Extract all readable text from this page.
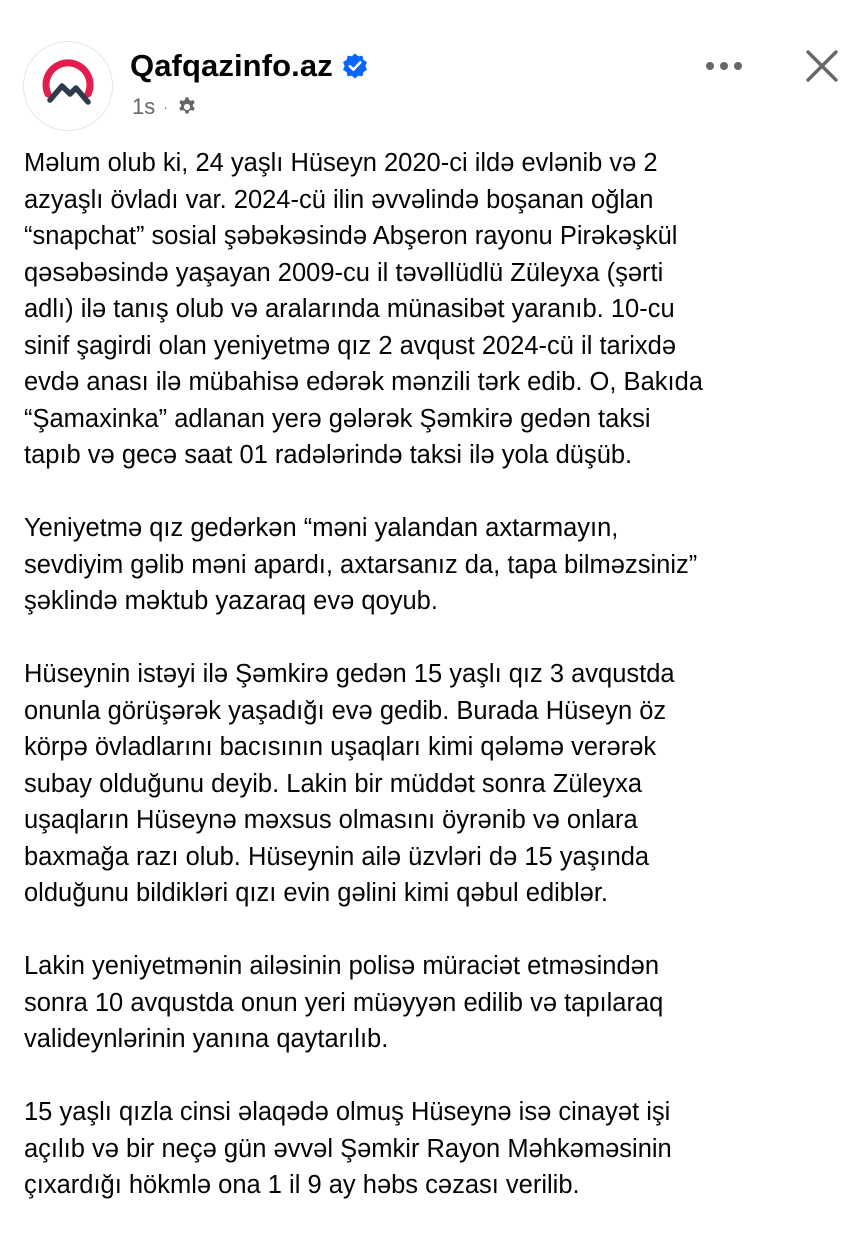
Qafqazinfo.az
1s ·

Məlum olub ki, 24 yaşlı Hüseyn 2020-ci ildə evlənib və 2
azyaşlı övladı var. 2024-cü ilin əvvəlində boşanan oğlan
“snapchat” sosial şəbəkəsində Abşeron rayonu Pirəkəşkül
qəsəbəsində yaşayan 2009-cu il təvəllüdlü Züleyxa (şərti
adlı) ilə tanış olub və aralarında münasibət yaranıb. 10-cu
sinif şagirdi olan yeniyetmə qız 2 avqust 2024-cü il tarixdə
evdə anası ilə mübahisə edərək mənzili tərk edib. O, Bakıda
“Şamaxinka” adlanan yerə gələrək Şəmkirə gedən taksi
tapıb və gecə saat 01 radələrində taksi ilə yola düşüb.

Yeniyetmə qız gedərkən “məni yalandan axtarmayın,
sevdiyim gəlib məni apardı, axtarsanız da, tapa bilməzsiniz”
şəklində məktub yazaraq evə qoyub.

Hüseynin istəyi ilə Şəmkirə gedən 15 yaşlı qız 3 avqustda
onunla görüşərək yaşadığı evə gedib. Burada Hüseyn öz
körpə övladlarını bacısının uşaqları kimi qələmə verərək
subay olduğunu deyib. Lakin bir müddət sonra Züleyxa
uşaqların Hüseynə məxsus olmasını öyrənib və onlara
baxmağa razı olub. Hüseynin ailə üzvləri də 15 yaşında
olduğunu bildikləri qızı evin gəlini kimi qəbul ediblər.

Lakin yeniyetmənin ailəsinin polisə müraciət etməsindən
sonra 10 avqustda onun yeri müəyyən edilib və tapılaraq
valideynlərinin yanına qaytarılıb.

15 yaşlı qızla cinsi əlaqədə olmuş Hüseynə isə cinayət işi
açılıb və bir neçə gün əvvəl Şəmkir Rayon Məhkəməsinin
çıxardığı hökmlə ona 1 il 9 ay həbs cəzası verilib.
